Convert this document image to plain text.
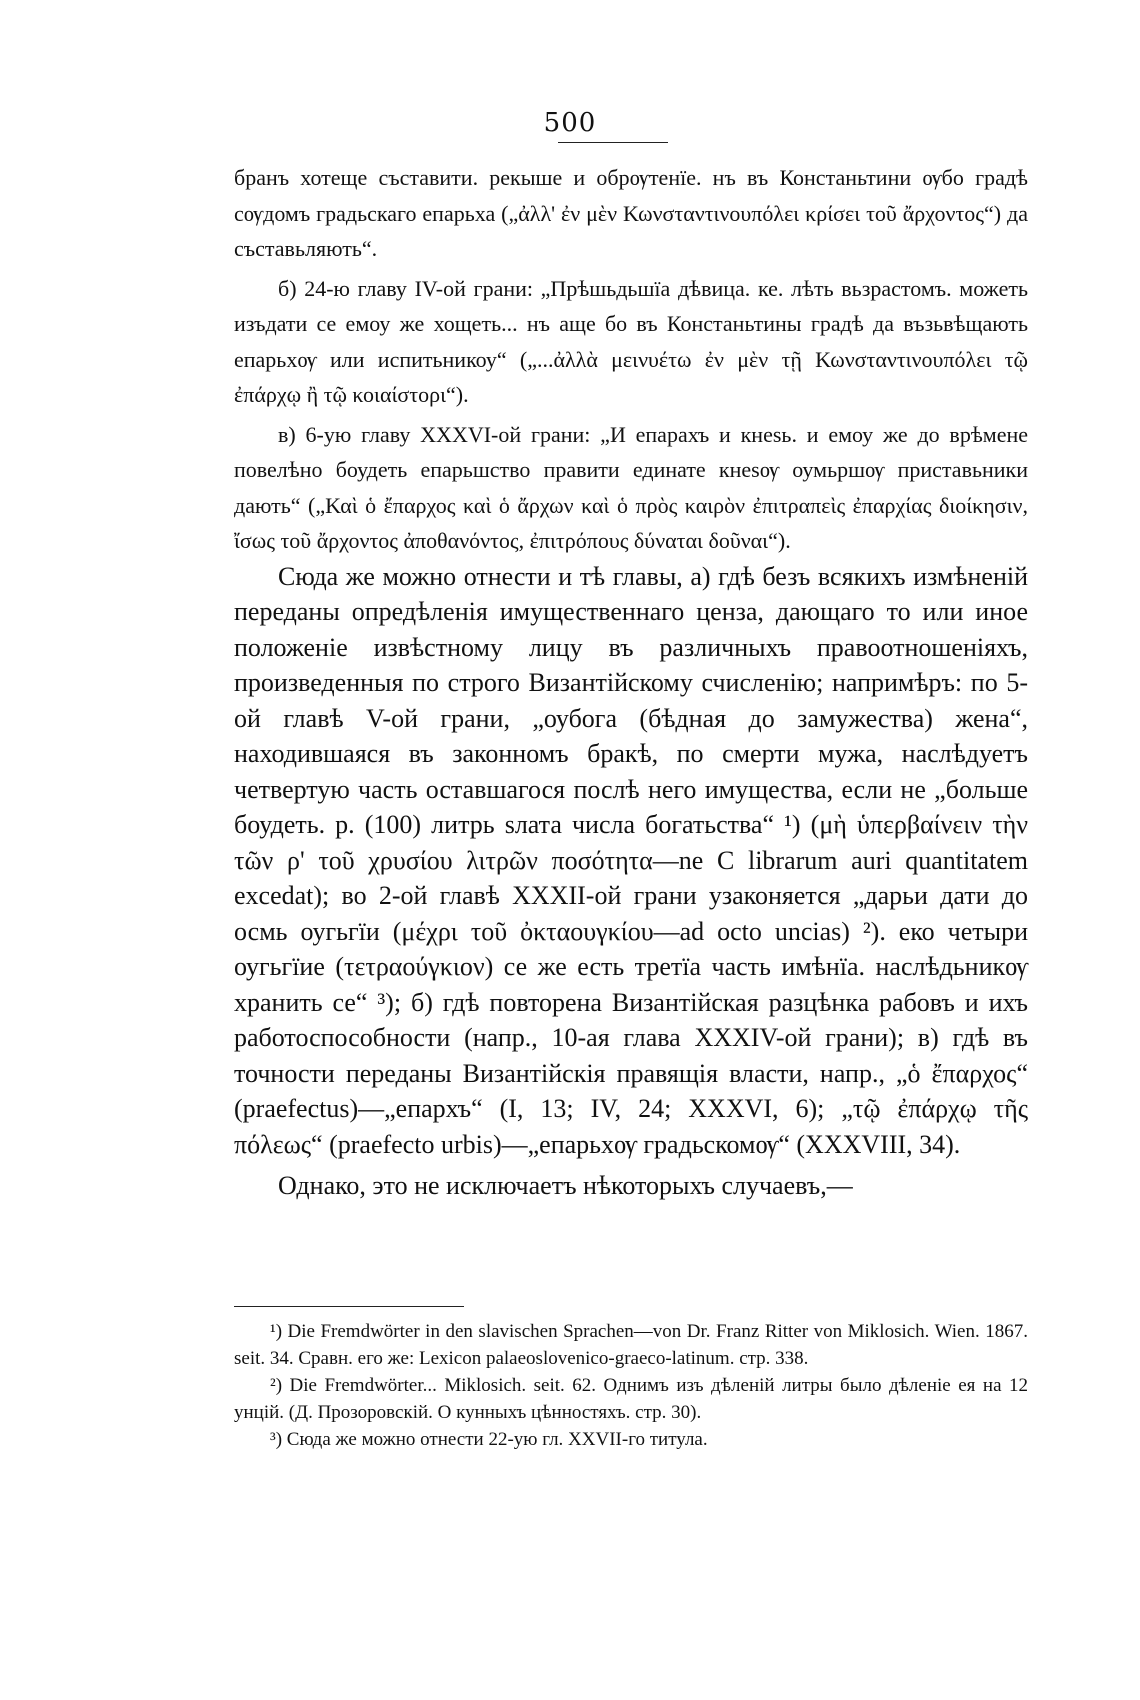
500

бранъ хотеще съставити. рекыше и обрѹтенїе. нъ въ Констаньтини ѹбо градѣ сѹдомъ градьскаго епарьха („ἀλλ' ἐν μὲν Κωνσταντινουπόλει κρίσει τοῦ ἄρχοντος“) да съставьляють“.

б) 24-ю главу IV-ой грани: „Прѣшьдьшїа дѣвица. ке. лѣть вьзрастомъ. можеть изъдати се емоу же хощеть... нъ аще бо въ Констаньтины градѣ да възьвѣщають епарьхѹ или испитьникоу“ („...ἀλλὰ μεινυέτω ἐν μὲν τῇ Κωνσταντινουπόλει τῷ ἐπάρχῳ ἢ τῷ κοιαίστορι“).

в) 6-ую главу XXXVI-ой грани: „И епарахъ и кнеѕь. и емоу же до врѣмене повелѣно боудеть епарьшство правити единате кнеѕѹ оумьршѹ приставьники дають“ („Καὶ ὁ ἔπαρχος καὶ ὁ ἄρχων καὶ ὁ πρὸς καιρὸν ἐπιτραπεὶς ἐπαρχίας διοίκησιν, ἴσως τοῦ ἄρχοντος ἀποθανόντος, ἐπιτρόπους δύναται δοῦναι“).

Сюда же можно отнести и тѣ главы, а) гдѣ безъ всякихъ измѣненій переданы опредѣленія имущественнаго ценза, дающаго то или иное положеніе извѣстному лицу въ различныхъ правоотношеніяхъ, произведенныя по строго Византійскому счисленію; напримѣръ: по 5-ой главѣ V-ой грани, „оубога (бѣдная до замужества) жена“, находившаяся въ законномъ бракѣ, по смерти мужа, наслѣдуетъ четвертую часть оставшагося послѣ него имущества, если не „больше боудеть. р. (100) литрь ѕлата числа богатьства“ ¹) (μὴ ὑπερβαίνειν τὴν τῶν ρ' τοῦ χρυσίου λιτρῶν ποσότητα—ne C librarum auri quantitatem excedat); во 2-ой главѣ XXXII-ой грани узаконяется „дарьи дати до осмь оугьгїи (μέχρι τοῦ ὀκταουγκίου—ad octo uncias) ²). еко четыри оугьгїие (τετραούγκιον) се же есть третїа часть имѣнїа. наслѣдьникѹ хранить се“ ³); б) гдѣ повторена Византійская разцѣнка рабовъ и ихъ работоспособности (напр., 10-ая глава XXXIV-ой грани); в) гдѣ въ точности переданы Византійскія правящія власти, напр., „ὁ ἔπαρχος“ (praefectus)—„епархъ“ (I, 13; IV, 24; XXXVI, 6); „τῷ ἐπάρχῳ τῆς πόλεως“ (praefecto urbis)—„епарьхѹ градьскомѹ“ (XXXVIII, 34).

Однако, это не исключаетъ нѣкоторыхъ случаевъ,—

¹) Die Fremdwörter in den slavischen Sprachen—von Dr. Franz Ritter von Miklosich. Wien. 1867. seit. 34. Сравн. его же: Lexicon palaeoslovenico-graeco-latinum. стр. 338.

²) Die Fremdwörter... Miklosich. seit. 62. Однимъ изъ дѣленій литры было дѣленіе ея на 12 унцій. (Д. Прозоровскій. О кунныхъ цѣнностяхъ. стр. 30).

³) Сюда же можно отнести 22-ую гл. XXVII-го титула.
